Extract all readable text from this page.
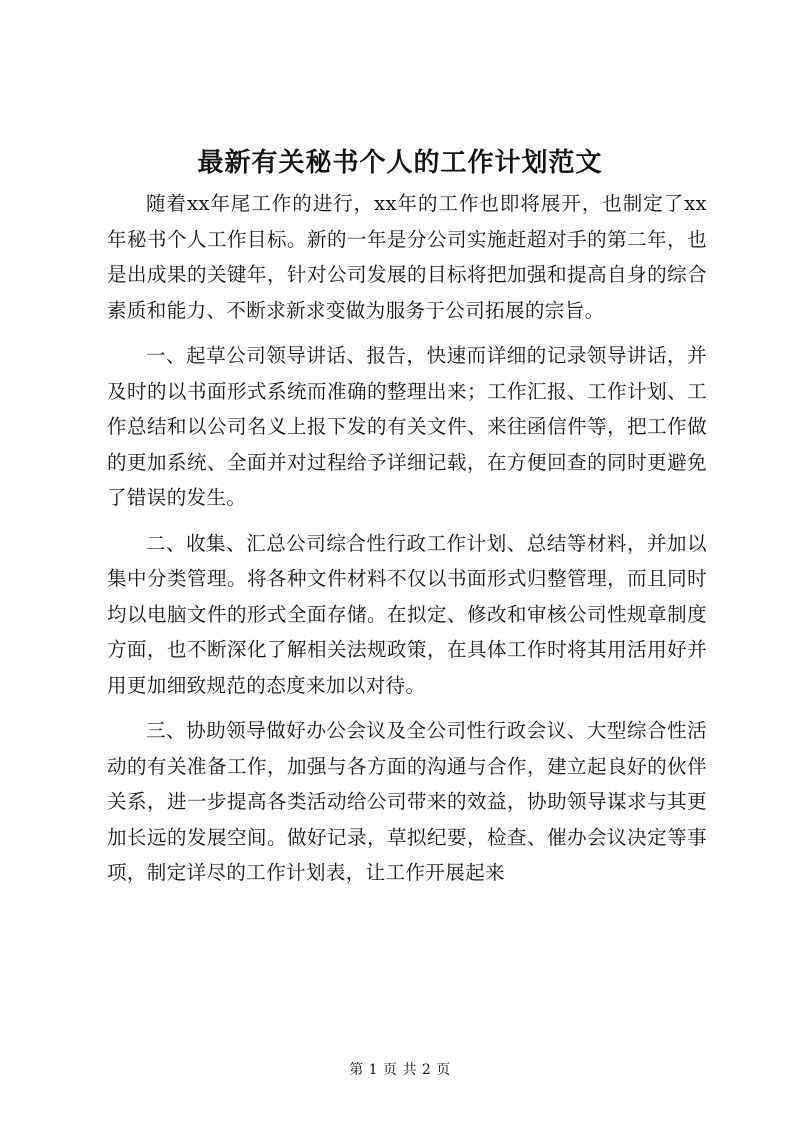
最新有关秘书个人的工作计划范文

随着xx年尾工作的进行，xx年的工作也即将展开，也制定了xx年秘书个人工作目标。新的一年是分公司实施赶超对手的第二年，也是出成果的关键年，针对公司发展的目标将把加强和提高自身的综合素质和能力、不断求新求变做为服务于公司拓展的宗旨。

一、起草公司领导讲话、报告，快速而详细的记录领导讲话，并及时的以书面形式系统而准确的整理出来；工作汇报、工作计划、工作总结和以公司名义上报下发的有关文件、来往函信件等，把工作做的更加系统、全面并对过程给予详细记载，在方便回查的同时更避免了错误的发生。

二、收集、汇总公司综合性行政工作计划、总结等材料，并加以集中分类管理。将各种文件材料不仅以书面形式归整管理，而且同时均以电脑文件的形式全面存储。在拟定、修改和审核公司性规章制度方面，也不断深化了解相关法规政策，在具体工作时将其用活用好并用更加细致规范的态度来加以对待。

三、协助领导做好办公会议及全公司性行政会议、大型综合性活动的有关准备工作，加强与各方面的沟通与合作，建立起良好的伙伴关系，进一步提高各类活动给公司带来的效益，协助领导谋求与其更加长远的发展空间。做好记录，草拟纪要，检查、催办会议决定等事项，制定详尽的工作计划表，让工作开展起来

第 1 页 共 2 页
